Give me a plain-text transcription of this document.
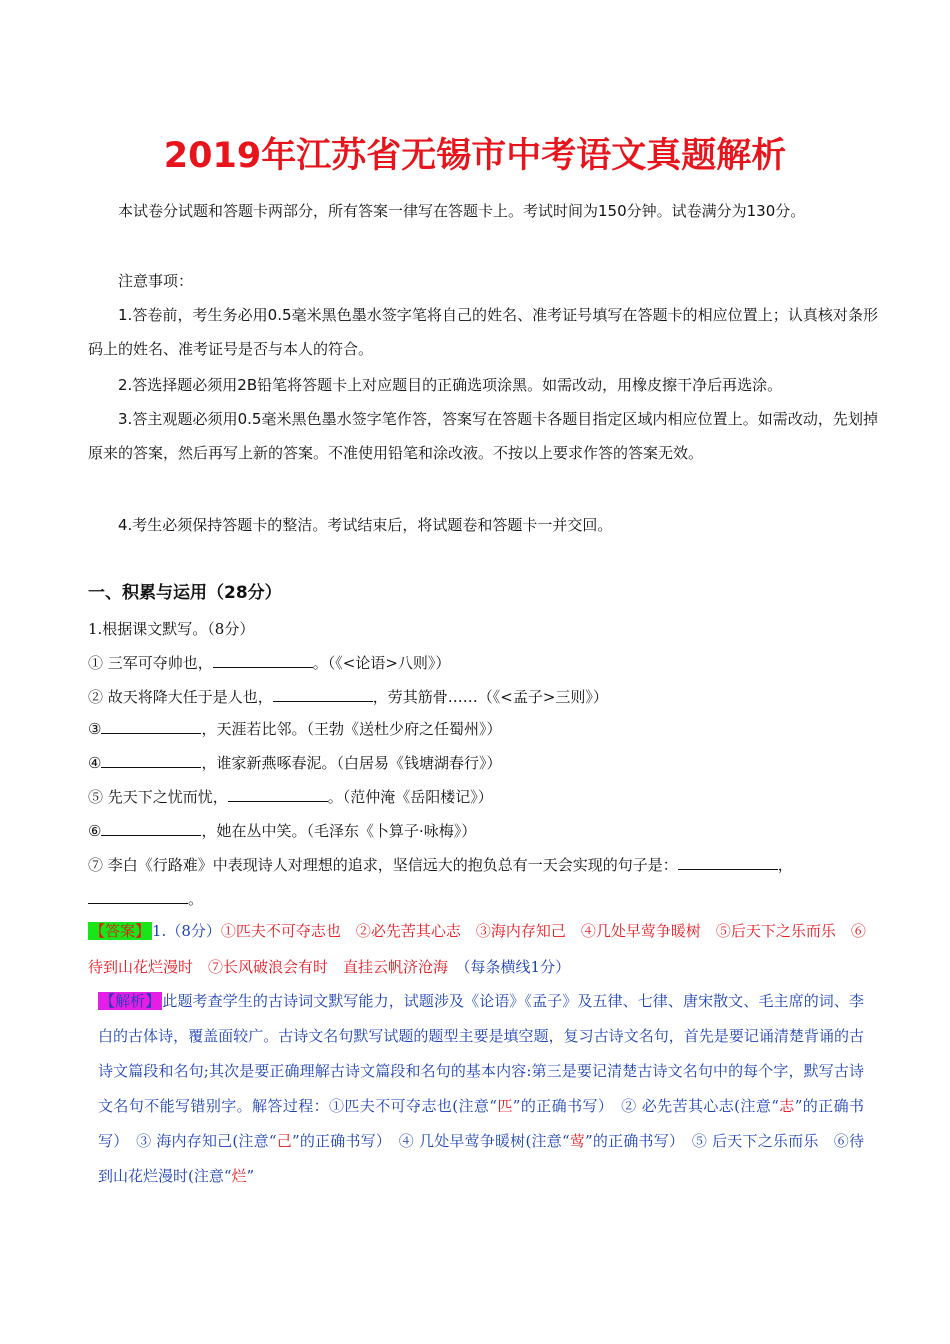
2019年江苏省无锡市中考语文真题解析
本试卷分试题和答题卡两部分，所有答案一律写在答题卡上。考试时间为150分钟。试卷满分为130分。
注意事项：
1.答卷前，考生务必用0.5毫米黑色墨水签字笔将自己的姓名、准考证号填写在答题卡的相应位置上；认真核对条形码上的姓名、准考证号是否与本人的符合。
2.答选择题必须用2B铅笔将答题卡上对应题目的正确选项涂黑。如需改动，用橡皮擦干净后再选涂。
3.答主观题必须用0.5毫米黑色墨水签字笔作答，答案写在答题卡各题目指定区域内相应位置上。如需改动，先划掉原来的答案，然后再写上新的答案。不准使用铅笔和涂改液。不按以上要求作答的答案无效。
4.考生必须保持答题卡的整洁。考试结束后，将试题卷和答题卡一并交回。
一、积累与运用（28分）
1.根据课文默写。（8分）
① 三军可夺帅也，	。（《<论语>八则》）
② 故天将降大任于是人也，	，劳其筋骨……（《<孟子>三则》）
③	，天涯若比邻。（王勃《送杜少府之任蜀州》）
④	，谁家新燕啄春泥。（白居易《钱塘湖春行》）
⑤ 先天下之忧而忧，	。（范仲淹《岳阳楼记》）
⑥	，她在丛中笑。（毛泽东《卜算子·咏梅》）
⑦ 李白《行路难》中表现诗人对理想的追求，坚信远大的抱负总有一天会实现的句子是：	，
。
【答案】 1.（8分）①匹夫不可夺志也　②必先苦其心志　③海内存知己　④几处早莺争暖树　⑤后天下之乐而乐　⑥待到山花烂漫时　⑦长风破浪会有时　直挂云帆济沧海　 （每条横线1分）
【解析】 此题考查学生的古诗词文默写能力，试题涉及《论语》《孟子》及五律、七律、唐宋散文、毛主席的词、李白的古体诗，覆盖面较广。古诗文名句默写试题的题型主要是填空题，复习古诗文名句，首先是要记诵清楚背诵的古诗文篇段和名句;其次是要正确理解古诗文篇段和名句的基本内容:第三是要记清楚古诗文名句中的每个字，默写古诗文名句不能写错别字。解答过程：①匹夫不可夺志也(注意“匹”的正确书写）　② 必先苦其心志(注意“志”的正确书写）　③ 海内存知己(注意“己”的正确书写）　④ 几处早莺争暖树(注意“莺”的正确书写）　⑤ 后天下之乐而乐　⑥待到山花烂漫时(注意“烂”
